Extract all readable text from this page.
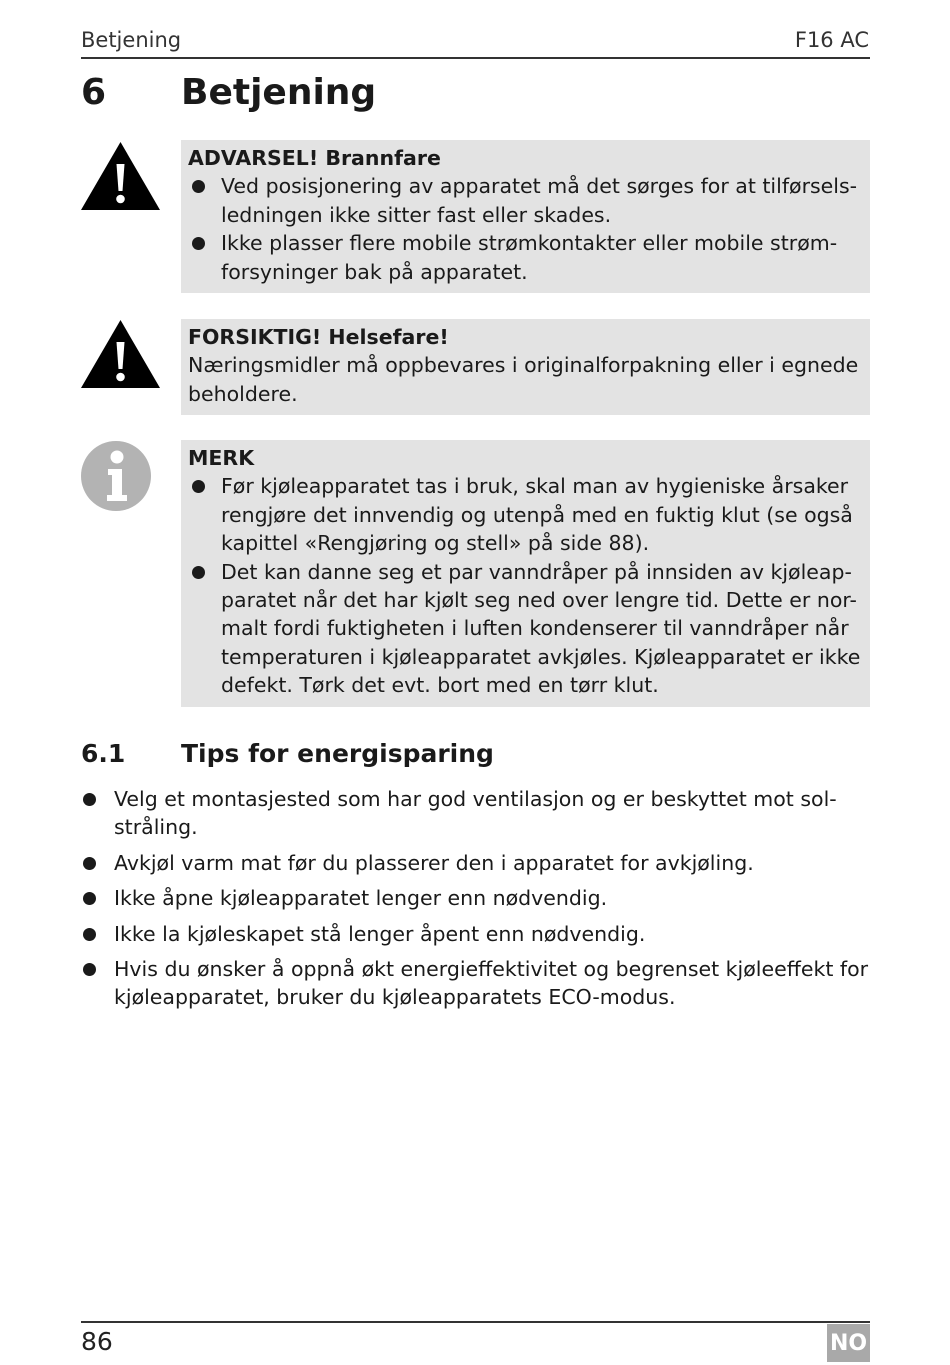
Betjening	F16 AC
6 Betjening
ADVARSEL! Brannfare
Ved posisjonering av apparatet må det sørges for at tilførsels-ledningen ikke sitter fast eller skades.
Ikke plasser flere mobile strømkontakter eller mobile strøm-forsyninger bak på apparatet.
FORSIKTIG! Helsefare!
Næringsmidler må oppbevares i originalforpakning eller i egnede beholdere.
MERK
Før kjøleapparatet tas i bruk, skal man av hygieniske årsaker rengjøre det innvendig og utenpå med en fuktig klut (se også kapittel «Rengjøring og stell» på side 88).
Det kan danne seg et par vanndråper på innsiden av kjøleap-paratet når det har kjølt seg ned over lengre tid. Dette er nor-malt fordi fuktigheten i luften kondenserer til vanndråper når temperaturen i kjøleapparatet avkjøles. Kjøleapparatet er ikke defekt. Tørk det evt. bort med en tørr klut.
6.1 Tips for energisparing
Velg et montasjested som har god ventilasjon og er beskyttet mot sol-stråling.
Avkjøl varm mat før du plasserer den i apparatet for avkjøling.
Ikke åpne kjøleapparatet lenger enn nødvendig.
Ikke la kjøleskapet stå lenger åpent enn nødvendig.
Hvis du ønsker å oppnå økt energieffektivitet og begrenset kjøleeffekt for kjøleapparatet, bruker du kjøleapparatets ECO-modus.
86	NO
